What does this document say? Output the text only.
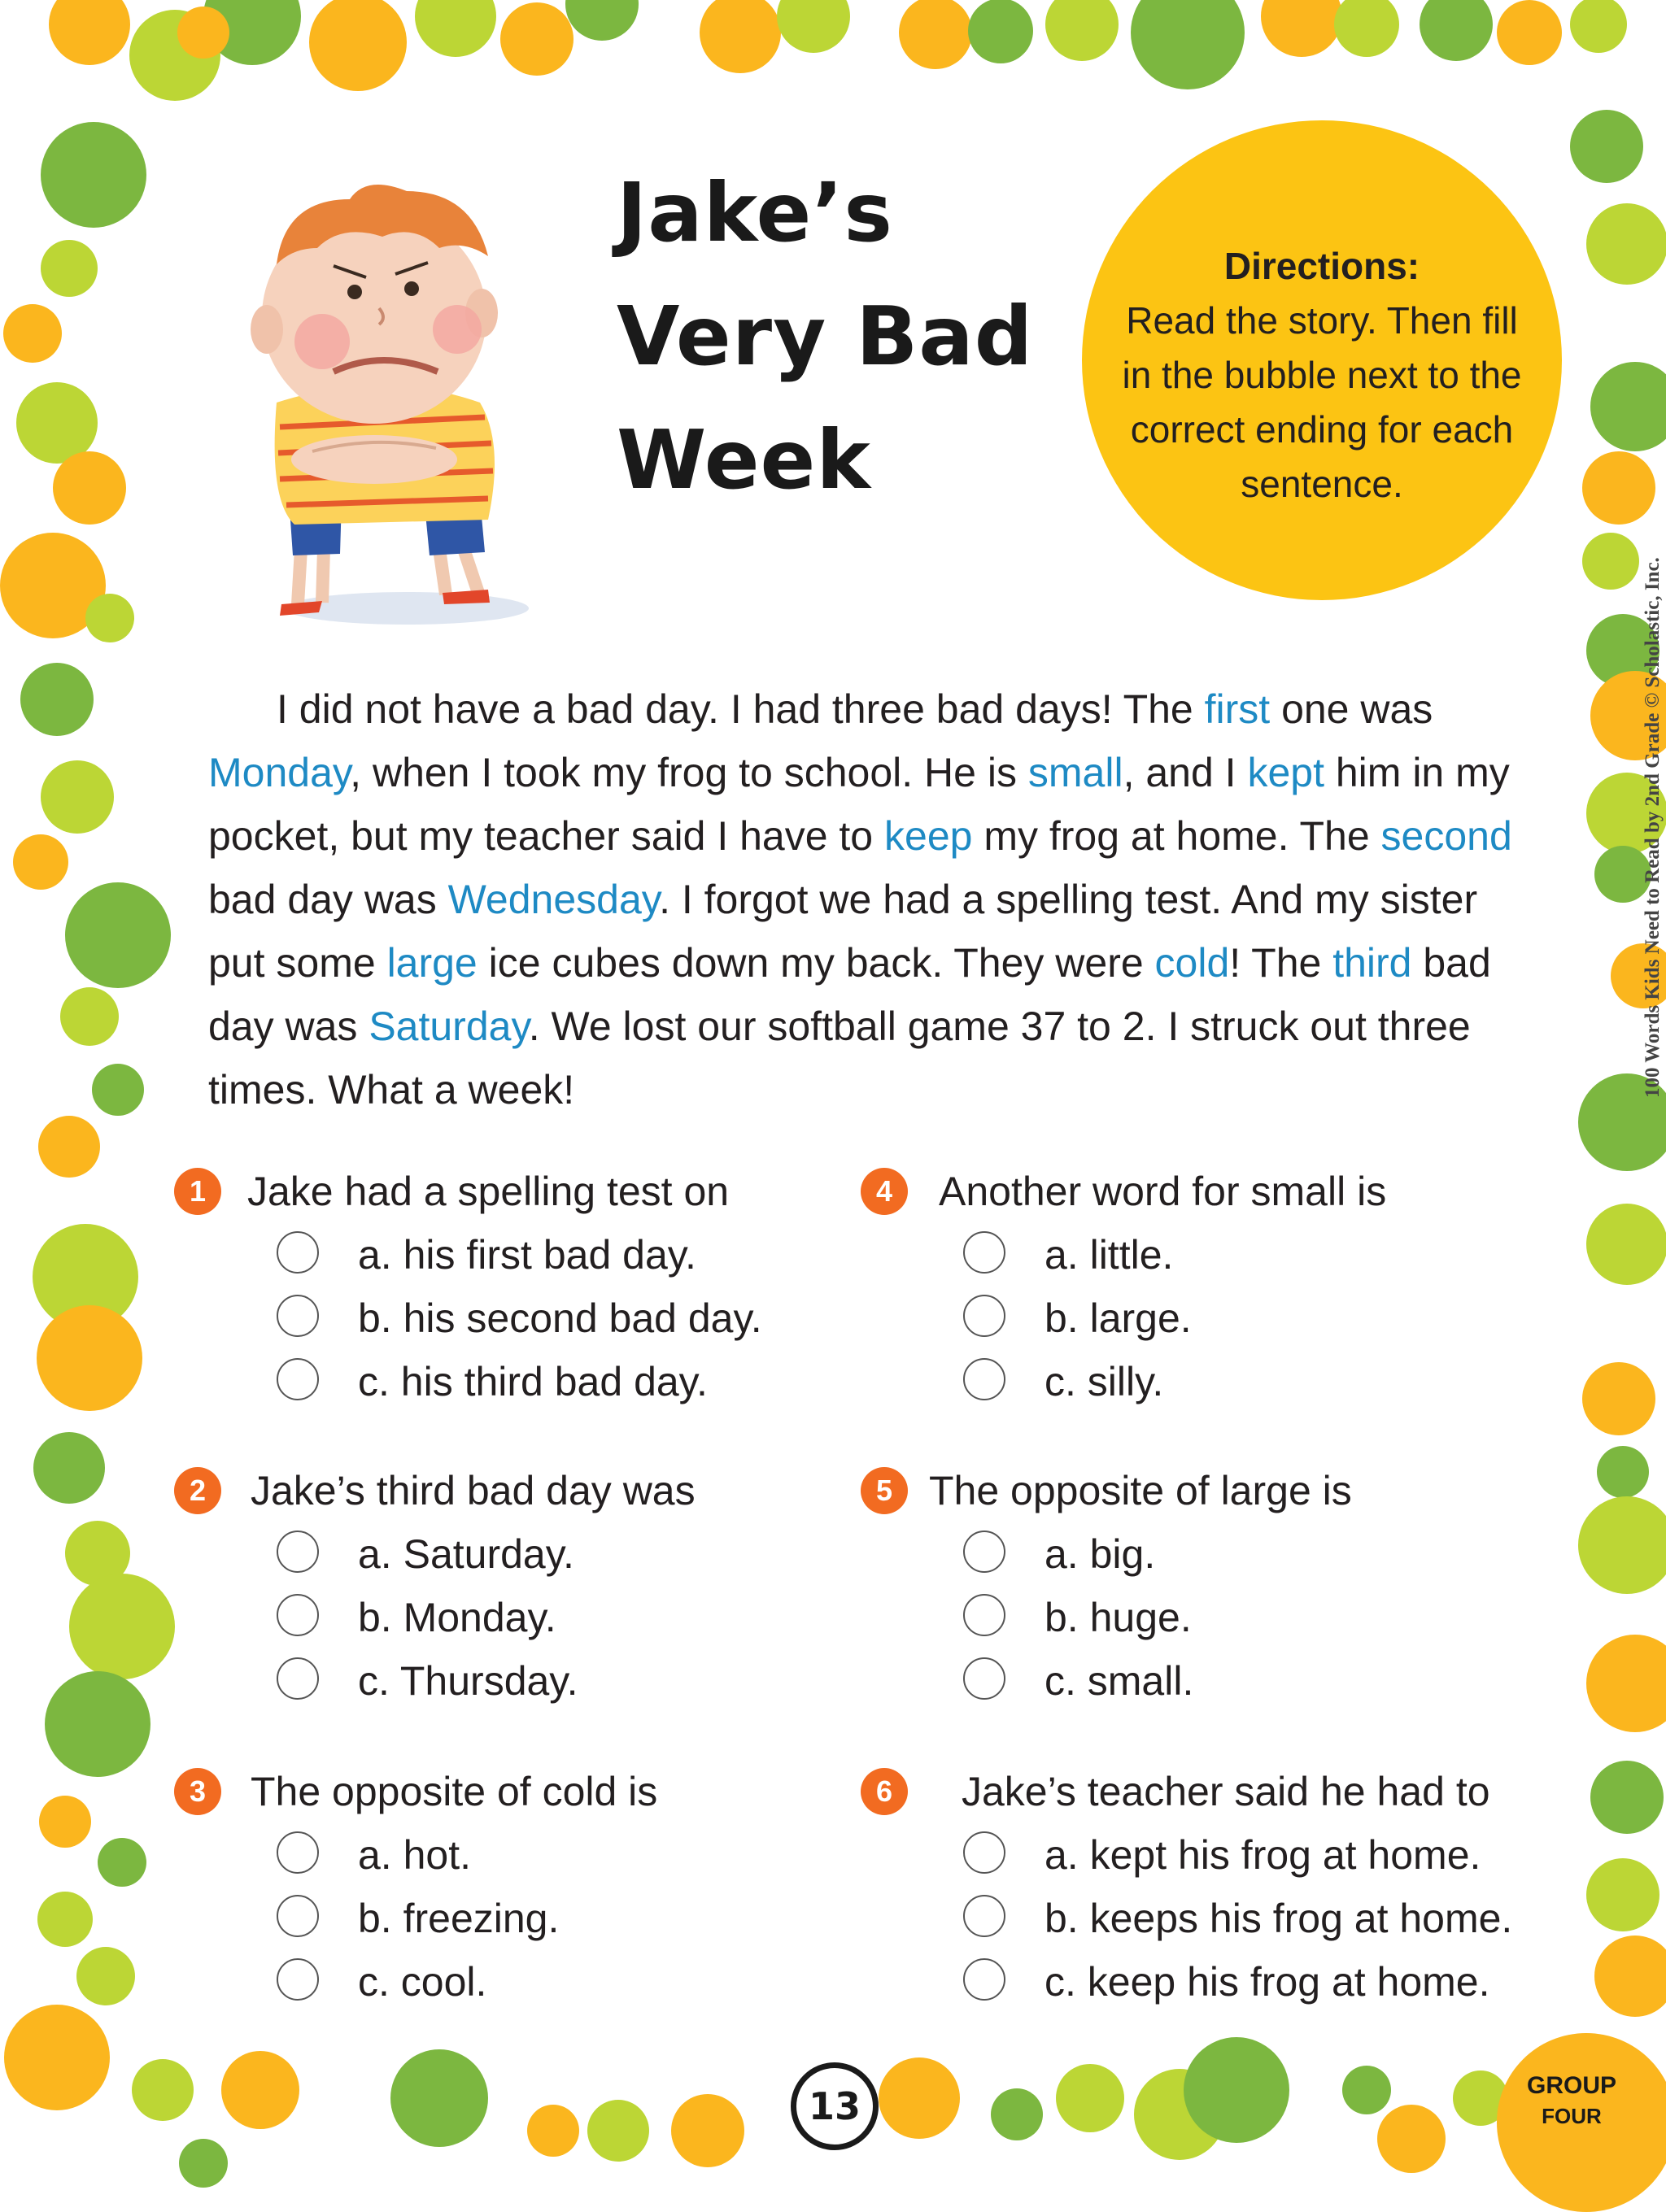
Jake’s
Very Bad
Week
Directions:
Read the story. Then fill in the bubble next to the correct ending for each sentence.

I did not have a bad day. I had three bad days! The first one was Monday, when I took my frog to school. He is small, and I kept him in my pocket, but my teacher said I have to keep my frog at home. The second bad day was Wednesday. I forgot we had a spelling test. And my sister put some large ice cubes down my back. They were cold! The third bad day was Saturday. We lost our softball game 37 to 2. I struck out three times. What a week!

1	Jake had a spelling test on
a. his first bad day.
b. his second bad day.
c. his third bad day.
2	Jake’s third bad day was
a. Saturday.
b. Monday.
c. Thursday.
3	The opposite of cold is
a. hot.
b. freezing.
c. cool.
4	Another word for small is
a. little.
b. large.
c. silly.
5 The opposite of large is
a. big.
b. huge.
c. small.
6	Jake’s teacher said he had to
a. kept his frog at home.
b. keeps his frog at home.
c. keep his frog at home.
13	GROUP
FOUR
100 Words Kids Need to Read by 2nd Grade © Scholastic, Inc.
